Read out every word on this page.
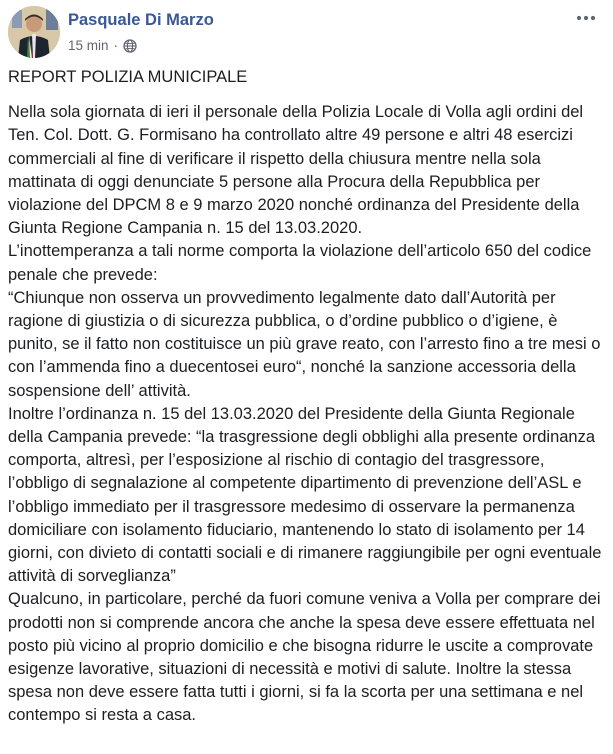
Pasquale Di Marzo
15 min ·

REPORT POLIZIA MUNICIPALE

Nella sola giornata di ieri il personale della Polizia Locale di Volla agli ordini del Ten. Col. Dott. G. Formisano ha controllato altre 49 persone e altri 48 esercizi commerciali al fine di verificare il rispetto della chiusura mentre nella sola mattinata di oggi denunciate 5 persone alla Procura della Repubblica per violazione del DPCM 8 e 9 marzo 2020 nonché ordinanza del Presidente della Giunta Regione Campania n. 15 del 13.03.2020.

L’inottemperanza a tali norme comporta la violazione dell’articolo 650 del codice penale che prevede:

“Chiunque non osserva un provvedimento legalmente dato dall’Autorità per ragione di giustizia o di sicurezza pubblica, o d’ordine pubblico o d’igiene, è punito, se il fatto non costituisce un più grave reato, con l’arresto fino a tre mesi o con l’ammenda fino a duecentosei euro“, nonché la sanzione accessoria della sospensione dell’ attività.

Inoltre l’ordinanza n. 15 del 13.03.2020 del Presidente della Giunta Regionale della Campania prevede: “la trasgressione degli obblighi alla presente ordinanza comporta, altresì, per l’esposizione al rischio di contagio del trasgressore, l’obbligo di segnalazione al competente dipartimento di prevenzione dell’ASL e l’obbligo immediato per il trasgressore medesimo di osservare la permanenza domiciliare con isolamento fiduciario, mantenendo lo stato di isolamento per 14 giorni, con divieto di contatti sociali e di rimanere raggiungibile per ogni eventuale attività di sorveglianza”

Qualcuno, in particolare, perché da fuori comune veniva a Volla per comprare dei prodotti non si comprende ancora che anche la spesa deve essere effettuata nel posto più vicino al proprio domicilio e che bisogna ridurre le uscite a comprovate esigenze lavorative, situazioni di necessità e motivi di salute. Inoltre la stessa spesa non deve essere fatta tutti i giorni, si fa la scorta per una settimana e nel contempo si resta a casa.
